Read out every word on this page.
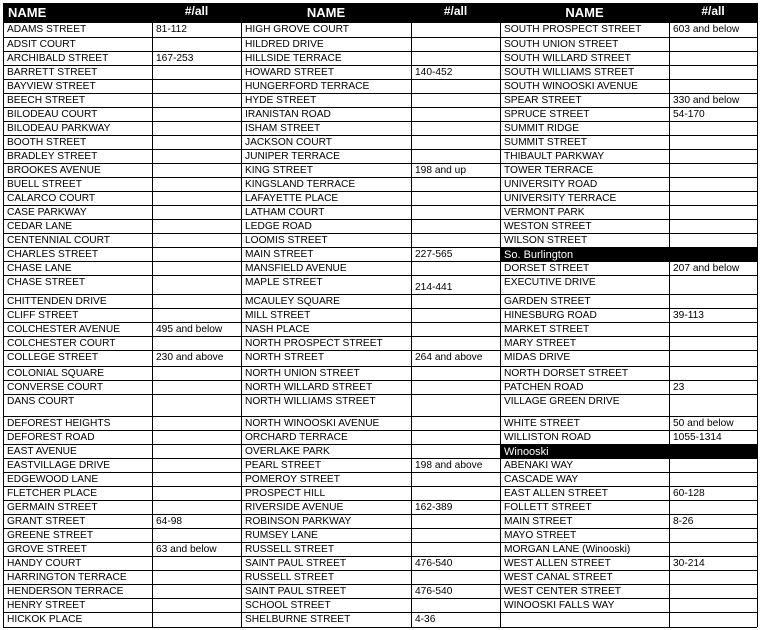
NAME	#/all
ADAMS STREET	81-112
ADSIT COURT
ARCHIBALD STREET	167-253
BARRETT STREET
BAYVIEW STREET
BEECH STREET
BILODEAU COURT
BILODEAU PARKWAY
BOOTH STREET
BRADLEY STREET
BROOKES AVENUE
BUELL STREET
CALARCO COURT
CASE PARKWAY
CEDAR LANE
CENTENNIAL COURT
CHARLES STREET
CHASE LANE
CHASE STREET
CHITTENDEN DRIVE
CLIFF STREET
COLCHESTER AVENUE	495 and below
COLCHESTER COURT
COLLEGE STREET	230 and above
COLONIAL SQUARE
CONVERSE COURT
DANS COURT
DEFOREST HEIGHTS
DEFOREST ROAD
EAST AVENUE
EASTVILLAGE DRIVE
EDGEWOOD LANE
FLETCHER PLACE
GERMAIN STREET
GRANT STREET	64-98
GREENE STREET
GROVE STREET	63 and below
HANDY COURT
HARRINGTON TERRACE
HENDERSON TERRACE
HENRY STREET
HICKOK PLACE
NAME	#/all
HIGH GROVE COURT
HILDRED DRIVE
HILLSIDE TERRACE
HOWARD STREET	140-452
HUNGERFORD TERRACE
HYDE STREET
IRANISTAN ROAD
ISHAM STREET
JACKSON COURT
JUNIPER TERRACE
KING STREET	198 and up
KINGSLAND TERRACE
LAFAYETTE PLACE
LATHAM COURT
LEDGE ROAD
LOOMIS STREET
MAIN STREET	227-565
MANSFIELD AVENUE
MAPLE STREET	214-441
MCAULEY SQUARE
MILL STREET
NASH PLACE
NORTH PROSPECT STREET
NORTH STREET	264 and above
NORTH UNION STREET
NORTH WILLARD STREET
NORTH WILLIAMS STREET
NORTH WINOOSKI AVENUE
ORCHARD TERRACE
OVERLAKE PARK
PEARL STREET	198 and above
POMEROY STREET
PROSPECT HILL
RIVERSIDE AVENUE	162-389
ROBINSON PARKWAY
RUMSEY LANE
RUSSELL STREET
SAINT PAUL STREET	476-540
RUSSELL STREET
SAINT PAUL STREET	476-540
SCHOOL STREET
SHELBURNE STREET	4-36
NAME	#/all
SOUTH PROSPECT STREET	603 and below
SOUTH UNION STREET
SOUTH WILLARD STREET
SOUTH WILLIAMS STREET
SOUTH WINOOSKI AVENUE
SPEAR STREET	330 and below
SPRUCE STREET	54-170
SUMMIT RIDGE
SUMMIT STREET
THIBAULT PARKWAY
TOWER TERRACE
UNIVERSITY ROAD
UNIVERSITY TERRACE
VERMONT PARK
WESTON STREET
WILSON STREET
So. Burlington
DORSET STREET	207 and below
EXECUTIVE DRIVE
GARDEN STREET
HINESBURG ROAD	39-113
MARKET STREET
MARY STREET
MIDAS DRIVE
NORTH DORSET STREET
PATCHEN ROAD	23
VILLAGE GREEN DRIVE
WHITE STREET	50 and below
WILLISTON ROAD	1055-1314
Winooski
ABENAKI WAY
CASCADE WAY
EAST ALLEN STREET	60-128
FOLLETT STREET
MAIN STREET	8-26
MAYO STREET
MORGAN LANE (Winooski)
WEST ALLEN STREET	30-214
WEST CANAL STREET
WEST CENTER STREET
WINOOSKI FALLS WAY
